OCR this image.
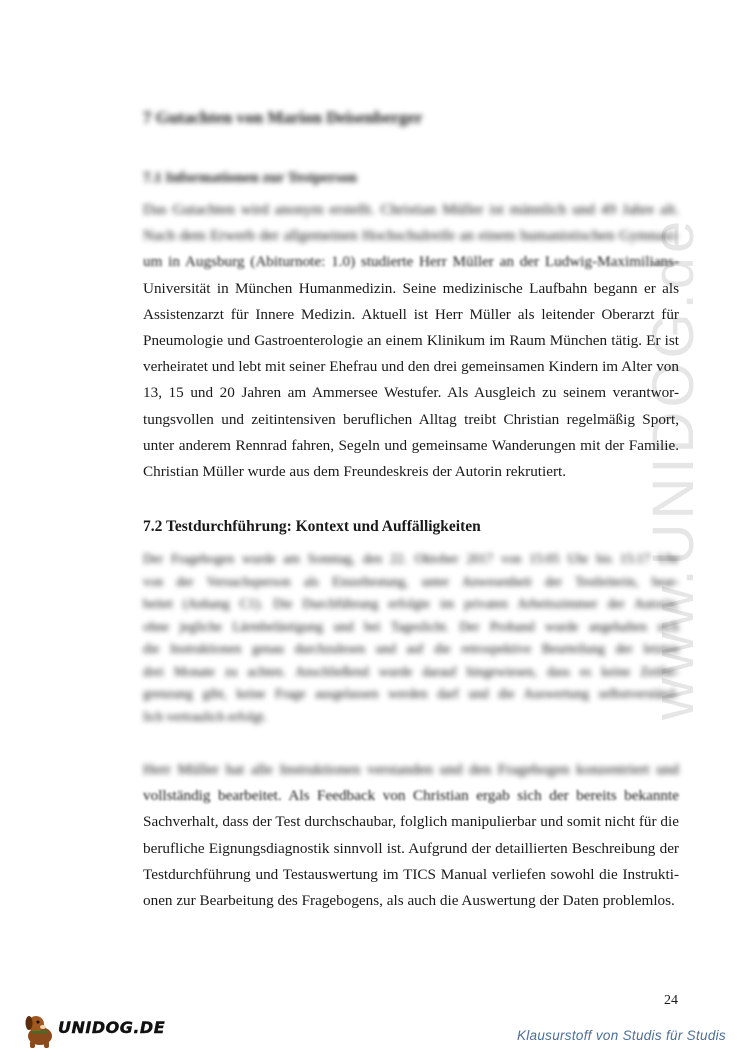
www.UNIDOG.de
7 Gutachten von Marion Deisenberger
7.1 Informationen zur Testperson
Das Gutachten wird anonym erstellt. Christian Müller ist männlich und 49 Jahre alt.
Nach dem Erwerb der allgemeinen Hochschulreife an einem humanistischen Gymnasi-
um in Augsburg (Abiturnote: 1.0) studierte Herr Müller an der Ludwig-Maximilians-
Universität in München Humanmedizin. Seine medizinische Laufbahn begann er als
Assistenzarzt für Innere Medizin. Aktuell ist Herr Müller als leitender Oberarzt für
Pneumologie und Gastroenterologie an einem Klinikum im Raum München tätig. Er ist
verheiratet und lebt mit seiner Ehefrau und den drei gemeinsamen Kindern im Alter von
13, 15 und 20 Jahren am Ammersee Westufer. Als Ausgleich zu seinem verantwor-
tungsvollen und zeitintensiven beruflichen Alltag treibt Christian regelmäßig Sport,
unter anderem Rennrad fahren, Segeln und gemeinsame Wanderungen mit der Familie.
Christian Müller wurde aus dem Freundeskreis der Autorin rekrutiert.
7.2 Testdurchführung: Kontext und Auffälligkeiten
Der Fragebogen wurde am Sonntag, den 22. Oktober 2017 von 15:05 Uhr bis 15:17 Uhr
von der Versuchsperson als Einzeltestung, unter Anwesenheit der Testleiterin, bear-
beitet (Anhang C1). Die Durchführung erfolgte im privaten Arbeitszimmer der Autorin,
ohne jegliche Lärmbelästigung und bei Tageslicht. Der Proband wurde angehalten sich
die Instruktionen genau durchzulesen und auf die retrospektive Beurteilung der letzten
drei Monate zu achten. Anschließend wurde darauf hingewiesen, dass es keine Zeitbe-
grenzung gibt, keine Frage ausgelassen werden darf und die Auswertung selbstverständ-
lich vertraulich erfolgt.
Herr Müller hat alle Instruktionen verstanden und den Fragebogen konzentriert und
vollständig bearbeitet. Als Feedback von Christian ergab sich der bereits bekannte
Sachverhalt, dass der Test durchschaubar, folglich manipulierbar und somit nicht für die
berufliche Eignungsdiagnostik sinnvoll ist. Aufgrund der detaillierten Beschreibung der
Testdurchführung und Testauswertung im TICS Manual verliefen sowohl die Instrukti-
onen zur Bearbeitung des Fragebogens, als auch die Auswertung der Daten problemlos.
24
UNIDOG.DE	Klausurstoff von Studis für Studis
